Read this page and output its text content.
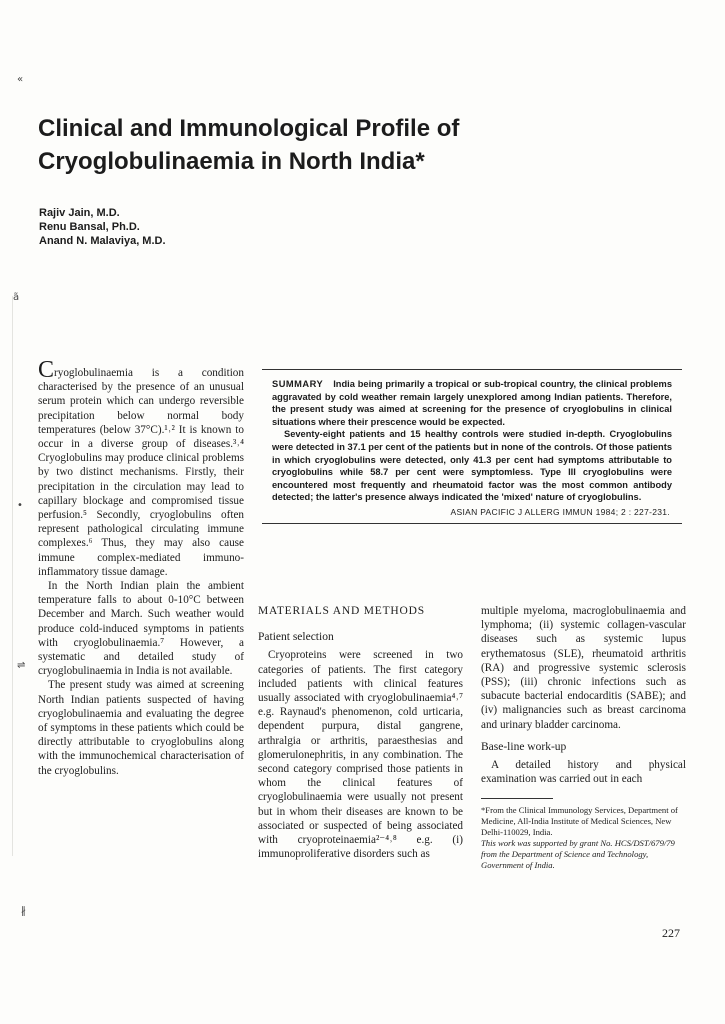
«
ã
•
⇌
∦
Clinical and Immunological Profile of
Cryoglobulinaemia in North India*
Rajiv Jain, M.D.
Renu Bansal, Ph.D.
Anand N. Malaviya, M.D.

Cryoglobulinaemia is a condition characterised by the presence of an unusual serum protein which can undergo reversible precipitation below normal body temperatures (below 37°C).¹˒² It is known to occur in a diverse group of diseases.³˒⁴ Cryoglobulins may produce clinical problems by two distinct mechanisms. Firstly, their precipitation in the circulation may lead to capillary blockage and compromised tissue perfusion.⁵ Secondly, cryoglobulins often represent pathological circulating immune complexes.⁶ Thus, they may also cause immune complex-mediated immuno-inflammatory tissue damage.

In the North Indian plain the ambient temperature falls to about 0-10°C between December and March. Such weather would produce cold-induced symptoms in patients with cryoglobulinaemia.⁷ However, a systematic and detailed study of cryoglobulinaemia in India is not available.

The present study was aimed at screening North Indian patients suspected of having cryoglobulinaemia and evaluating the degree of symptoms in these patients which could be directly attributable to cryoglobulins along with the immunochemical characterisation of the cryoglobulins.

SUMMARY India being primarily a tropical or sub-tropical country, the clinical problems aggravated by cold weather remain largely unexplored among Indian patients. Therefore, the present study was aimed at screening for the presence of cryoglobulins in clinical situations where their prescence would be expected.

Seventy-eight patients and 15 healthy controls were studied in-depth. Cryoglobulins were detected in 37.1 per cent of the patients but in none of the controls. Of those patients in which cryoglobulins were detected, only 41.3 per cent had symptoms attributable to cryoglobulins while 58.7 per cent were symptomless. Type III cryoglobulins were encountered most frequently and rheumatoid factor was the most common antibody detected; the latter's presence always indicated the 'mixed' nature of cryoglobulins.

ASIAN PACIFIC J ALLERG IMMUN 1984; 2 : 227-231.
MATERIALS AND METHODS
Patient selection

Cryoproteins were screened in two categories of patients. The first category included patients with clinical features usually associated with cryoglobulinaemia⁴˒⁷ e.g. Raynaud's phenomenon, cold urticaria, dependent purpura, distal gangrene, arthralgia or arthritis, paraesthesias and glomerulonephritis, in any combination. The second category comprised those patients in whom the clinical features of cryoglobulinaemia were usually not present but in whom their diseases are known to be associated or suspected of being associated with cryoproteinaemia²⁻⁴˒⁸ e.g. (i) immunoproliferative disorders such as

multiple myeloma, macroglobulinaemia and lymphoma; (ii) systemic collagen-vascular diseases such as systemic lupus erythematosus (SLE), rheumatoid arthritis (RA) and progressive systemic sclerosis (PSS); (iii) chronic infections such as subacute bacterial endocarditis (SABE); and (iv) malignancies such as breast carcinoma and urinary bladder carcinoma.

Base-line work-up

A detailed history and physical examination was carried out in each

*From the Clinical Immunology Services, Department of Medicine, All-India Institute of Medical Sciences, New Delhi-110029, India.

This work was supported by grant No. HCS/DST/679/79 from the Department of Science and Technology, Government of India.

227
